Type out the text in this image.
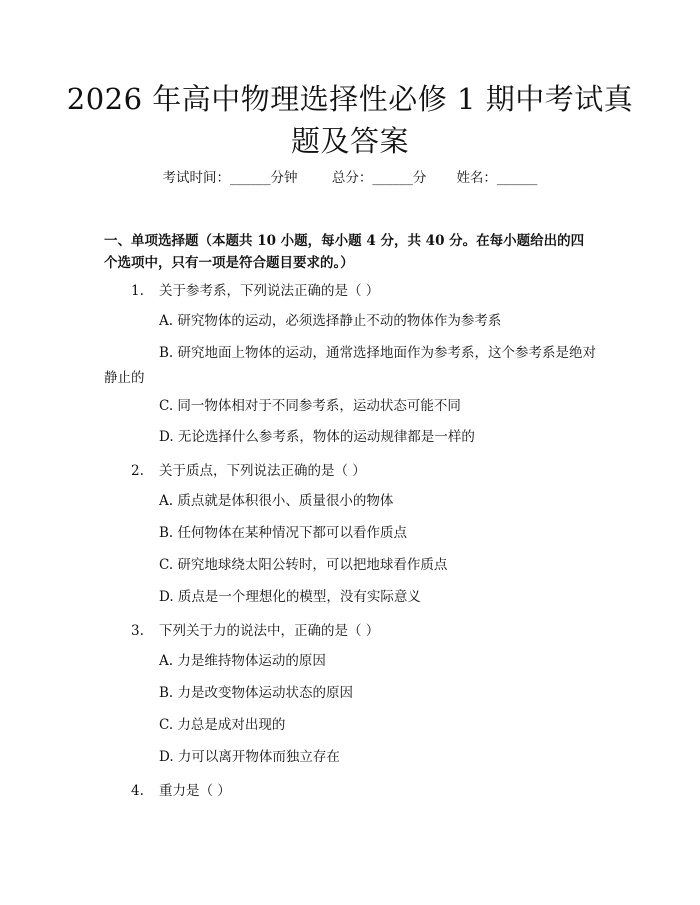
2026 年高中物理选择性必修 1 期中考试真题及答案
考试时间：______分钟	总分：______分 姓名：______
一、单项选择题（本题共 10 小题，每小题 4 分，共 40 分。在每小题给出的四个选项中，只有一项是符合题目要求的。）
1. 关于参考系，下列说法正确的是（ ）
A. 研究物体的运动，必须选择静止不动的物体作为参考系
B. 研究地面上物体的运动，通常选择地面作为参考系，这个参考系是绝对静止的
C. 同一物体相对于不同参考系，运动状态可能不同
D. 无论选择什么参考系，物体的运动规律都是一样的
2. 关于质点，下列说法正确的是（ ）
A. 质点就是体积很小、质量很小的物体
B. 任何物体在某种情况下都可以看作质点
C. 研究地球绕太阳公转时，可以把地球看作质点
D. 质点是一个理想化的模型，没有实际意义
3. 下列关于力的说法中，正确的是（ ）
A. 力是维持物体运动的原因
B. 力是改变物体运动状态的原因
C. 力总是成对出现的
D. 力可以离开物体而独立存在
4. 重力是（ ）
